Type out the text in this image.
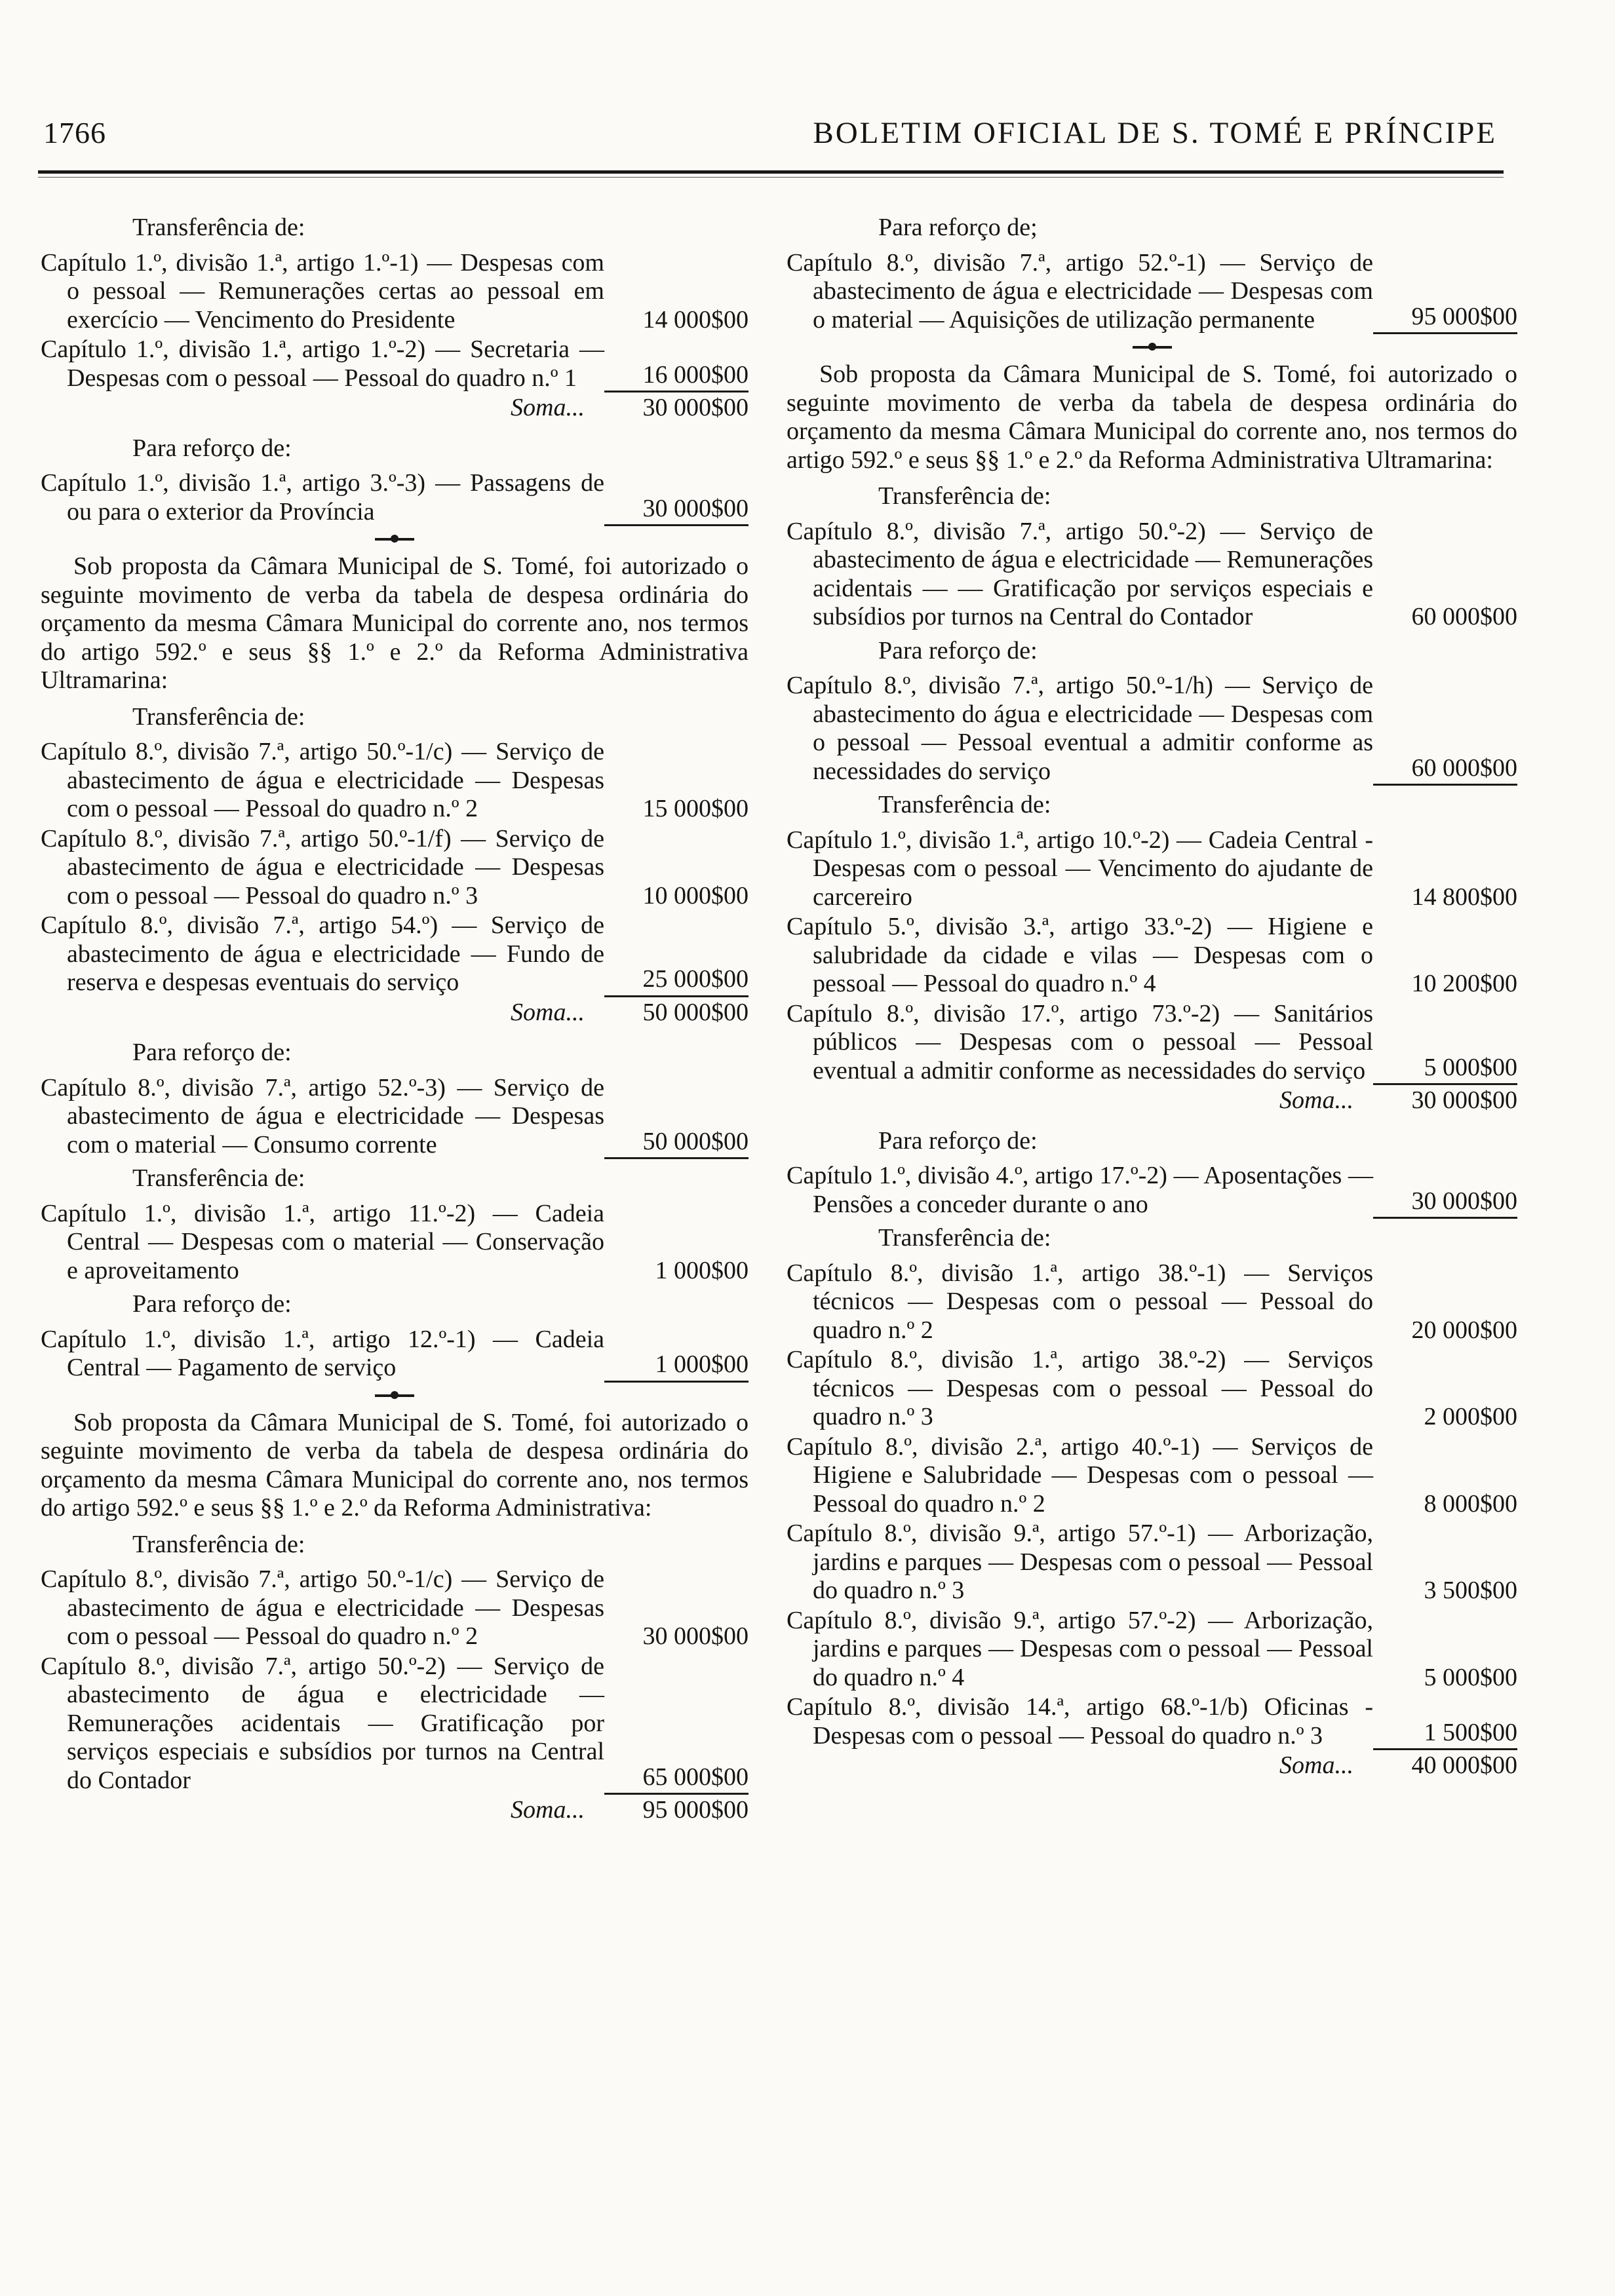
1766	BOLETIM OFICIAL DE S. TOMÉ E PRÍNCIPE
Transferência de:
Capítulo 1.º, divisão 1.ª, artigo 1.º-1) — Despesas com o pessoal — Remunerações certas ao pessoal em exercício — Vencimento do Presidente	14 000$00
Capítulo 1.º, divisão 1.ª, artigo 1.º-2) — Secretaria — Despesas com o pessoal — Pessoal do quadro n.º 1	16 000$00
Soma...	30 000$00
Para reforço de:
Capítulo 1.º, divisão 1.ª, artigo 3.º-3) — Passagens de ou para o exterior da Província	30 000$00
Sob proposta da Câmara Municipal de S. Tomé, foi autorizado o seguinte movimento de verba da tabela de despesa ordinária do orçamento da mesma Câmara Municipal do corrente ano, nos termos do artigo 592.º e seus §§ 1.º e 2.º da Reforma Administrativa Ultramarina:
Transferência de:
Capítulo 8.º, divisão 7.ª, artigo 50.º-1/c) — Serviço de abastecimento de água e electricidade — Despesas com o pessoal — Pessoal do quadro n.º 2	15 000$00
Capítulo 8.º, divisão 7.ª, artigo 50.º-1/f) — Serviço de abastecimento de água e electricidade — Despesas com o pessoal — Pessoal do quadro n.º 3	10 000$00
Capítulo 8.º, divisão 7.ª, artigo 54.º) — Serviço de abastecimento de água e electricidade — Fundo de reserva e despesas eventuais do serviço	25 000$00
Soma...	50 000$00
Para reforço de:
Capítulo 8.º, divisão 7.ª, artigo 52.º-3) — Serviço de abastecimento de água e electricidade — Despesas com o material — Consumo corrente	50 000$00
Transferência de:
Capítulo 1.º, divisão 1.ª, artigo 11.º-2) — Cadeia Central — Despesas com o material — Conservação e aproveitamento	1 000$00
Para reforço de:
Capítulo 1.º, divisão 1.ª, artigo 12.º-1) — Cadeia Central — Pagamento de serviço	1 000$00
Sob proposta da Câmara Municipal de S. Tomé, foi autorizado o seguinte movimento de verba da tabela de despesa ordinária do orçamento da mesma Câmara Municipal do corrente ano, nos termos do artigo 592.º e seus §§ 1.º e 2.º da Reforma Administrativa:
Transferência de:
Capítulo 8.º, divisão 7.ª, artigo 50.º-1/c) — Serviço de abastecimento de água e electricidade — Despesas com o pessoal — Pessoal do quadro n.º 2	30 000$00
Capítulo 8.º, divisão 7.ª, artigo 50.º-2) — Serviço de abastecimento de água e electricidade — Remunerações acidentais — Gratificação por serviços especiais e subsídios por turnos na Central do Contador	65 000$00
Soma...	95 000$00
Para reforço de;
Capítulo 8.º, divisão 7.ª, artigo 52.º-1) — Serviço de abastecimento de água e electricidade — Despesas com o material — Aquisições de utilização permanente	95 000$00
Sob proposta da Câmara Municipal de S. Tomé, foi autorizado o seguinte movimento de verba da tabela de despesa ordinária do orçamento da mesma Câmara Municipal do corrente ano, nos termos do artigo 592.º e seus §§ 1.º e 2.º da Reforma Administrativa Ultramarina:
Transferência de:
Capítulo 8.º, divisão 7.ª, artigo 50.º-2) — Serviço de abastecimento de água e electricidade — Remunerações acidentais — — Gratificação por serviços especiais e subsídios por turnos na Central do Contador	60 000$00
Para reforço de:
Capítulo 8.º, divisão 7.ª, artigo 50.º-1/h) — Serviço de abastecimento do água e electricidade — Despesas com o pessoal — Pessoal eventual a admitir conforme as necessidades do serviço	60 000$00
Transferência de:
Capítulo 1.º, divisão 1.ª, artigo 10.º-2) — Cadeia Central - Despesas com o pessoal — Vencimento do ajudante de carcereiro	14 800$00
Capítulo 5.º, divisão 3.ª, artigo 33.º-2) — Higiene e salubridade da cidade e vilas — Despesas com o pessoal — Pessoal do quadro n.º 4	10 200$00
Capítulo 8.º, divisão 17.º, artigo 73.º-2) — Sanitários públicos — Despesas com o pessoal — Pessoal eventual a admitir conforme as necessidades do serviço	5 000$00
Soma...	30 000$00
Para reforço de:
Capítulo 1.º, divisão 4.º, artigo 17.º-2) — Aposentações — Pensões a conceder durante o ano	30 000$00
Transferência de:
Capítulo 8.º, divisão 1.ª, artigo 38.º-1) — Serviços técnicos — Despesas com o pessoal — Pessoal do quadro n.º 2	20 000$00
Capítulo 8.º, divisão 1.ª, artigo 38.º-2) — Serviços técnicos — Despesas com o pessoal — Pessoal do quadro n.º 3	2 000$00
Capítulo 8.º, divisão 2.ª, artigo 40.º-1) — Serviços de Higiene e Salubridade — Despesas com o pessoal — Pessoal do quadro n.º 2	8 000$00
Capítulo 8.º, divisão 9.ª, artigo 57.º-1) — Arborização, jardins e parques — Despesas com o pessoal — Pessoal do quadro n.º 3	3 500$00
Capítulo 8.º, divisão 9.ª, artigo 57.º-2) — Arborização, jardins e parques — Despesas com o pessoal — Pessoal do quadro n.º 4	5 000$00
Capítulo 8.º, divisão 14.ª, artigo 68.º-1/b) Oficinas - Despesas com o pessoal — Pessoal do quadro n.º 3	1 500$00
Soma...	40 000$00
